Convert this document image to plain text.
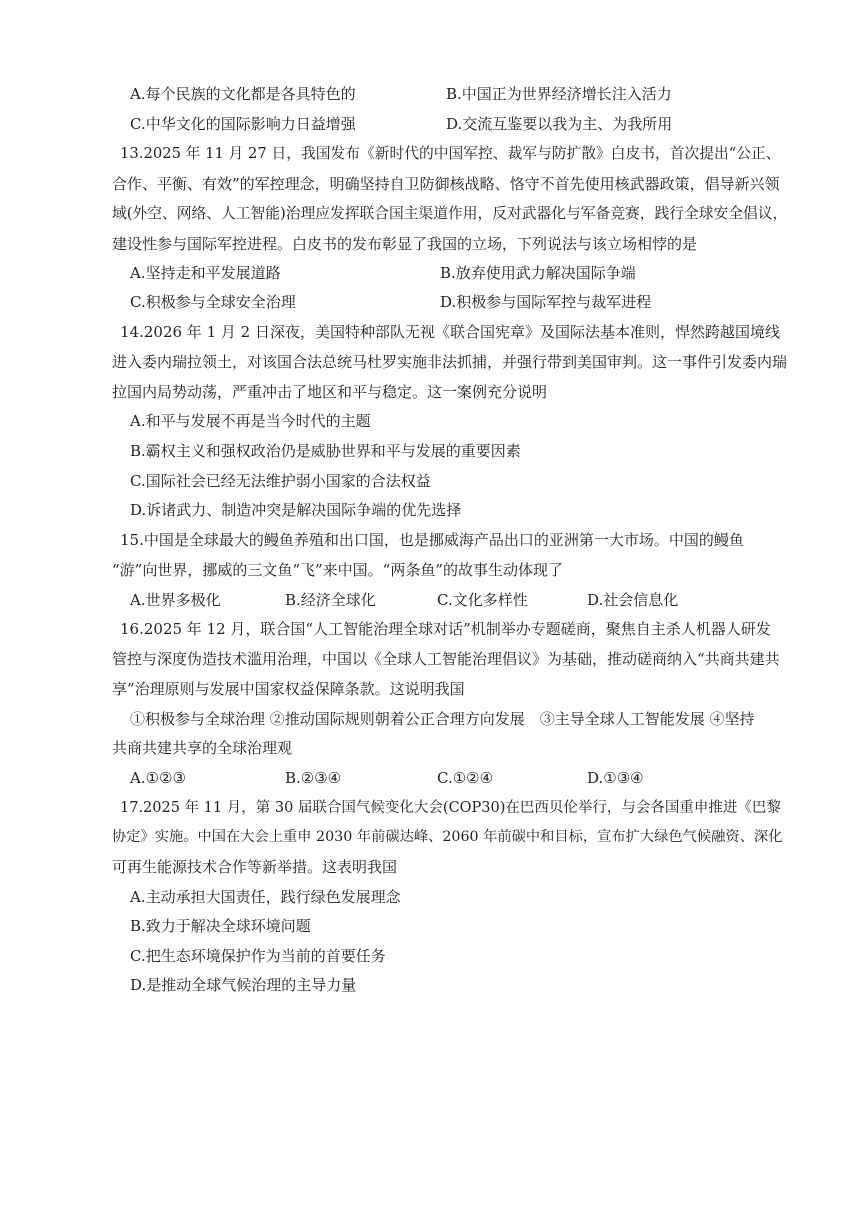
A.每个民族的文化都是各具特色的	B.中国正为世界经济增长注入活力
C.中华文化的国际影响力日益增强	D.交流互鉴要以我为主、为我所用
13.2025 年 11 月 27 日，我国发布《新时代的中国军控、裁军与防扩散》白皮书，首次提出“公正、
合作、平衡、有效”的军控理念，明确坚持自卫防御核战略、恪守不首先使用核武器政策，倡导新兴领
域(外空、网络、人工智能)治理应发挥联合国主渠道作用，反对武器化与军备竞赛，践行全球安全倡议，
建设性参与国际军控进程。白皮书的发布彰显了我国的立场，下列说法与该立场相悖的是
A.坚持走和平发展道路	B.放弃使用武力解决国际争端
C.积极参与全球安全治理	D.积极参与国际军控与裁军进程
14.2026 年 1 月 2 日深夜，美国特种部队无视《联合国宪章》及国际法基本准则，悍然跨越国境线
进入委内瑞拉领土，对该国合法总统马杜罗实施非法抓捕，并强行带到美国审判。这一事件引发委内瑞
拉国内局势动荡，严重冲击了地区和平与稳定。这一案例充分说明
A.和平与发展不再是当今时代的主题
B.霸权主义和强权政治仍是威胁世界和平与发展的重要因素
C.国际社会已经无法维护弱小国家的合法权益
D.诉诸武力、制造冲突是解决国际争端的优先选择
15.中国是全球最大的鳗鱼养殖和出口国，也是挪威海产品出口的亚洲第一大市场。中国的鳗鱼
“游”向世界，挪威的三文鱼“飞”来中国。“两条鱼”的故事生动体现了
A.世界多极化	B.经济全球化	C.文化多样性	D.社会信息化
16.2025 年 12 月，联合国“人工智能治理全球对话”机制举办专题磋商，聚焦自主杀人机器人研发
管控与深度伪造技术滥用治理，中国以《全球人工智能治理倡议》为基础，推动磋商纳入“共商共建共
享”治理原则与发展中国家权益保障条款。这说明我国
①积极参与全球治理 ②推动国际规则朝着公正合理方向发展　③主导全球人工智能发展 ④坚持
共商共建共享的全球治理观
A.①②③	B.②③④	C.①②④	D.①③④
17.2025 年 11 月，第 30 届联合国气候变化大会(COP30)在巴西贝伦举行，与会各国重申推进《巴黎
协定》实施。中国在大会上重申 2030 年前碳达峰、2060 年前碳中和目标，宣布扩大绿色气候融资、深化
可再生能源技术合作等新举措。这表明我国
A.主动承担大国责任，践行绿色发展理念
B.致力于解决全球环境问题
C.把生态环境保护作为当前的首要任务
D.是推动全球气候治理的主导力量
